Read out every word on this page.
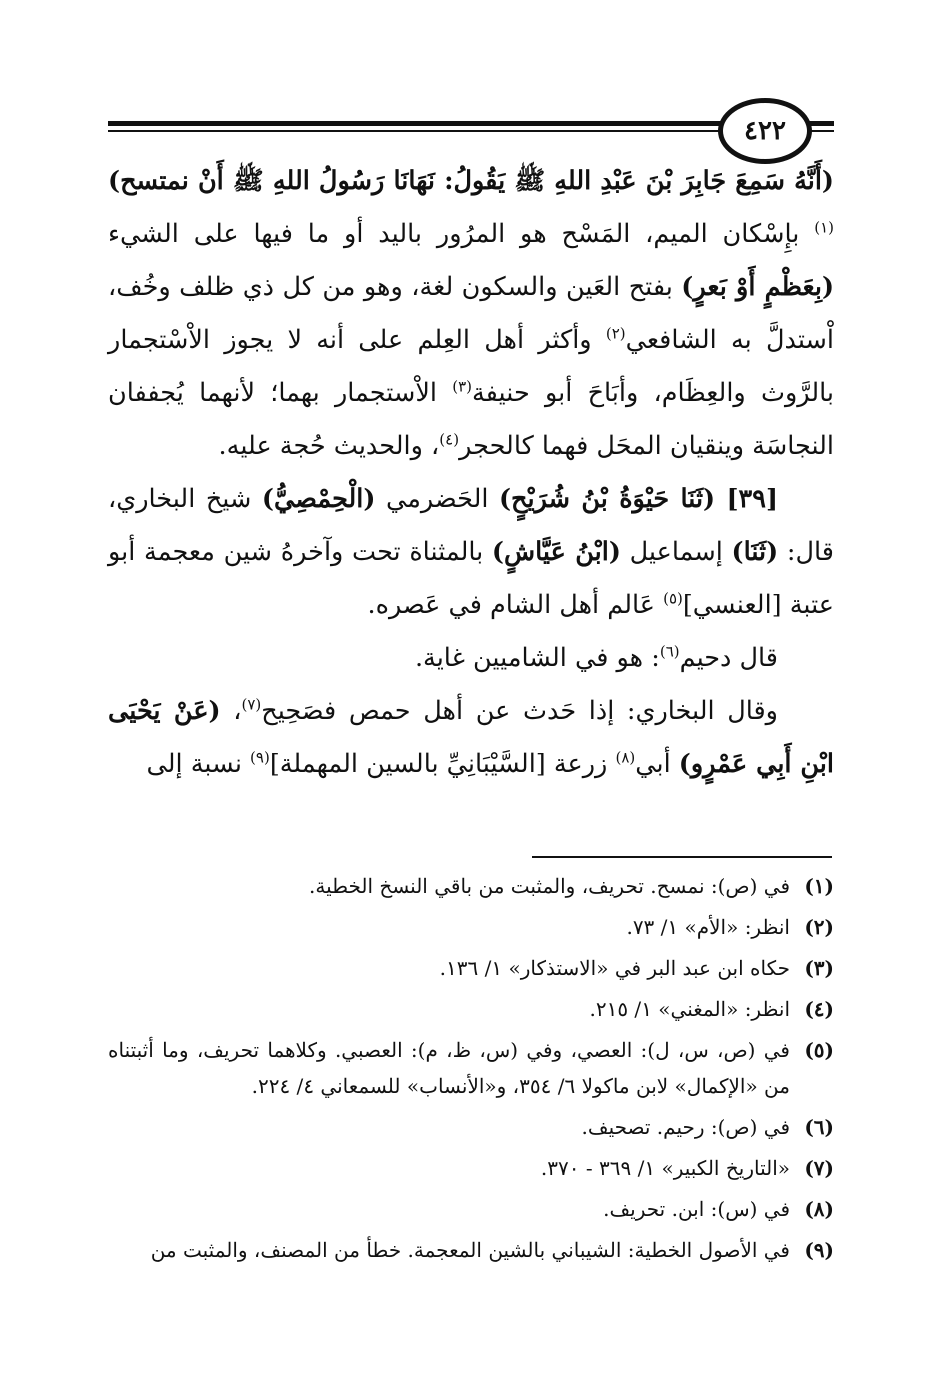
٤٢٢

(أَنَّهُ سَمِعَ جَابِرَ بْنَ عَبْدِ اللهِ ﷺ يَقُولُ: نَهَانَا رَسُولُ اللهِ ﷺ أَنْ نمتسح)$^{(١)}$ بإِسْكان الميم، المَسْح هو المرُور باليد أو ما فيها على الشيء (بِعَظْمٍ أَوْ بَعرٍ) بفتح العَين والسكون لغة، وهو من كل ذي ظلف وخُف، اْستدلَّ به الشافعي$^{(٢)}$ وأكثر أهل العِلم على أنه لا يجوز الاْسْتجمار بالرَّوث والعِظَام، وأبَاحَ أبو حنيفة$^{(٣)}$ الاْستجمار بهما؛ لأنهما يُجففان النجاسَة وينقيان المحَل فهما كالحجر$^{(٤)}$، والحديث حُجة عليه.

[٣٩] (ثَنَا حَيْوَةُ بْنُ شُرَيْحٍ) الحَضرمي (الْحِمْصِيُّ) شيخ البخاري، قال: (ثَنَا) إسماعيل (ابْنُ عَيَّاشٍ) بالمثناة تحت وآخرهُ شين معجمة أبو عتبة [العنسي]$^{(٥)}$ عَالم أهل الشام في عَصره.

قال دحيم$^{(٦)}$: هو في الشاميين غاية.

وقال البخاري: إذا حَدث عن أهل حمص فصَحِيح$^{(٧)}$، (عَنْ يَحْيَى ابْنِ أَبِي عَمْرٍو) أبي$^{(٨)}$ زرعة [السَّيْبَانِيِّ بالسين المهملة]$^{(٩)}$ نسبة إلى

(١)
في (ص): نمسح. تحريف، والمثبت من باقي النسخ الخطية.
(٢)
انظر: «الأم» ١/ ٧٣.
(٣)
حكاه ابن عبد البر في «الاستذكار» ١/ ١٣٦.
(٤)
انظر: «المغني» ١/ ٢١٥.
(٥)
في (ص، س، ل): العصي، وفي (س، ظ، م): العصبي. وكلاهما تحريف، وما أثبتناه من «الإكمال» لابن ماكولا ٦/ ٣٥٤، و«الأنساب» للسمعاني ٤/ ٢٢٤.
(٦)
في (ص): رحيم. تصحيف.
(٧)
«التاريخ الكبير» ١/ ٣٦٩ - ٣٧٠.
(٨)
في (س): ابن. تحريف.
(٩)
في الأصول الخطية: الشيباني بالشين المعجمة. خطأ من المصنف، والمثبت من
